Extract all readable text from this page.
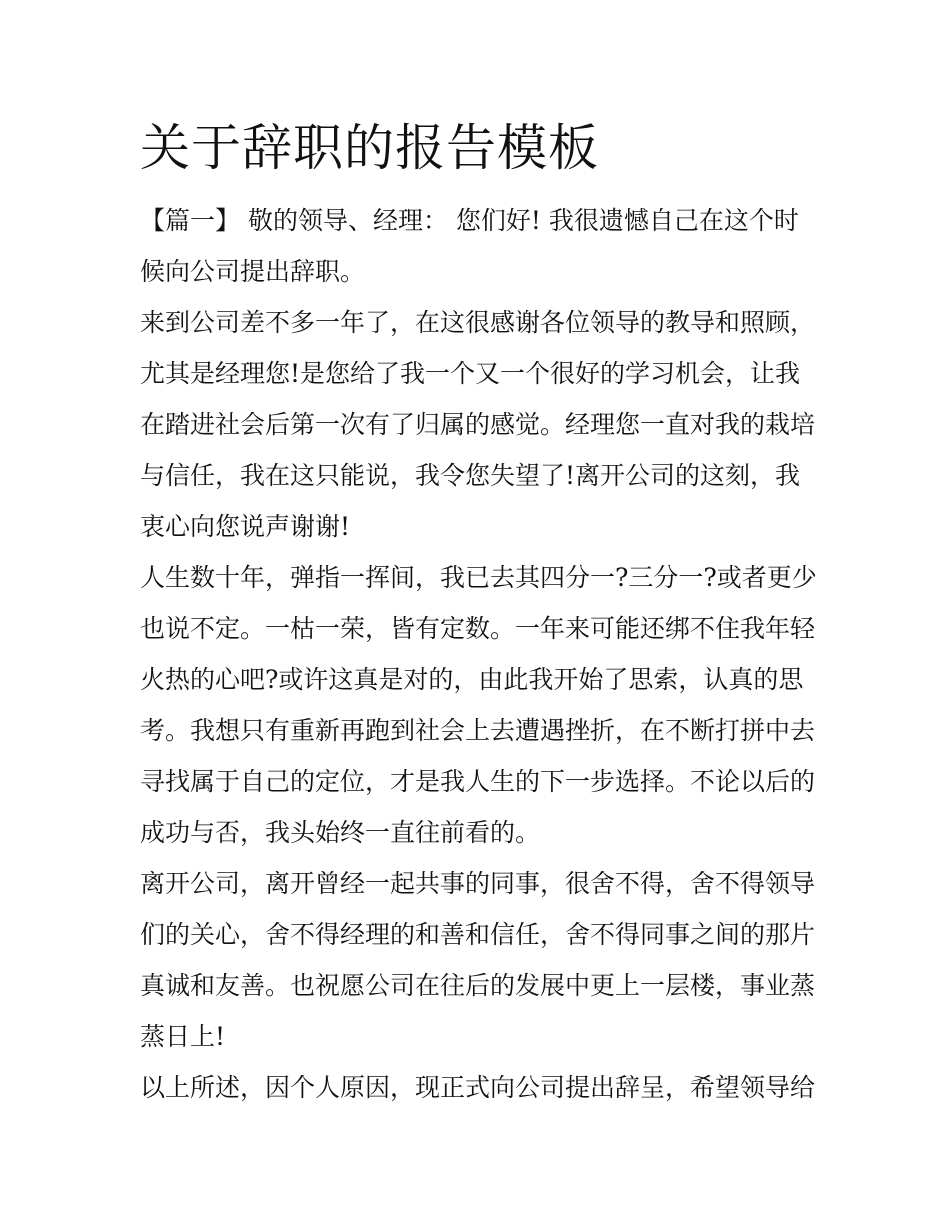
关于辞职的报告模板

【篇一】 敬的领导、经理： 您们好! 我很遗憾自己在这个时

候向公司提出辞职。

来到公司差不多一年了，在这很感谢各位领导的教导和照顾，

尤其是经理您!是您给了我一个又一个很好的学习机会，让我

在踏进社会后第一次有了归属的感觉。经理您一直对我的栽培

与信任，我在这只能说，我令您失望了!离开公司的这刻，我

衷心向您说声谢谢!

人生数十年，弹指一挥间，我已去其四分一?三分一?或者更少

也说不定。一枯一荣，皆有定数。一年来可能还绑不住我年轻

火热的心吧?或许这真是对的，由此我开始了思索，认真的思

考。我想只有重新再跑到社会上去遭遇挫折，在不断打拼中去

寻找属于自己的定位，才是我人生的下一步选择。不论以后的

成功与否，我头始终一直往前看的。

离开公司，离开曾经一起共事的同事，很舍不得，舍不得领导

们的关心，舍不得经理的和善和信任，舍不得同事之间的那片

真诚和友善。也祝愿公司在往后的发展中更上一层楼，事业蒸

蒸日上!

以上所述，因个人原因，现正式向公司提出辞呈，希望领导给
